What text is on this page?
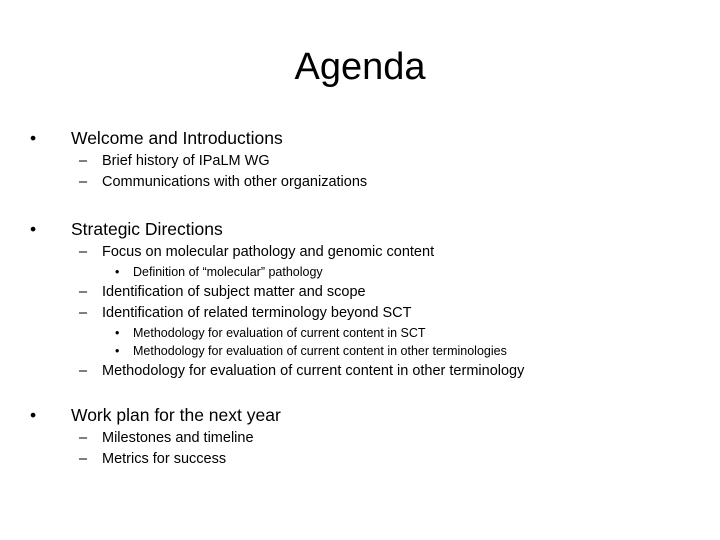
Agenda
• Welcome and Introductions
– Brief history of IPaLM WG
– Communications with other organizations
• Strategic Directions
– Focus on molecular pathology and genomic content
• Definition of “molecular” pathology
– Identification of subject matter and scope
– Identification of related terminology beyond SCT
• Methodology for evaluation of current content in SCT
• Methodology for evaluation of current content in other terminologies
– Methodology for evaluation of current content in other terminology
• Work plan for the next year
– Milestones and timeline
– Metrics for success
